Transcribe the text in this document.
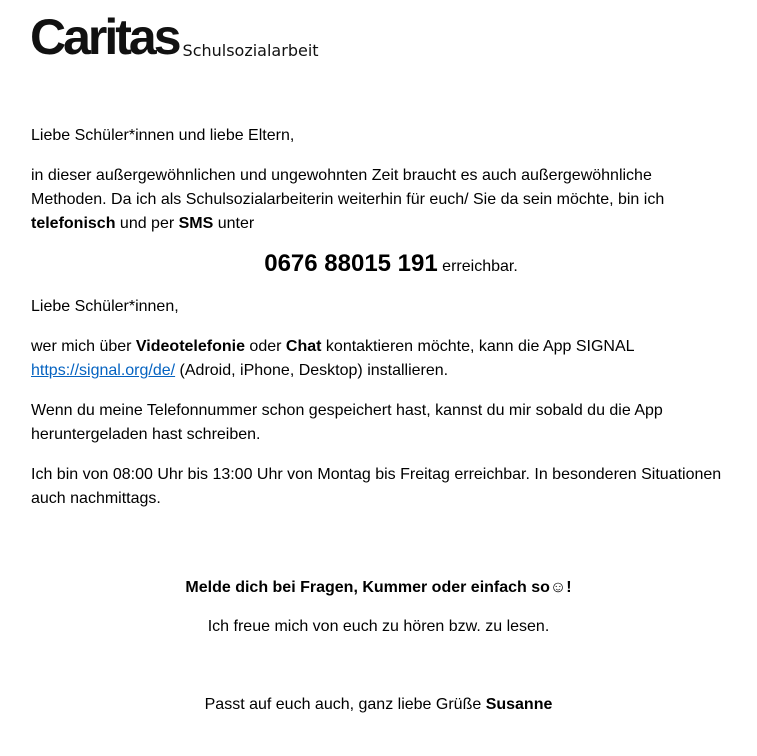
Caritas Schulsozialarbeit

Liebe Schüler*innen und liebe Eltern,

in dieser außergewöhnlichen und ungewohnten Zeit braucht es auch außergewöhnliche Methoden. Da ich als Schulsozialarbeiterin weiterhin für euch/ Sie da sein möchte, bin ich telefonisch und per SMS unter

0676 88015 191 erreichbar.

Liebe Schüler*innen,

wer mich über Videotelefonie oder Chat kontaktieren möchte, kann die App SIGNAL https://signal.org/de/ (Adroid, iPhone, Desktop) installieren.

Wenn du meine Telefonnummer schon gespeichert hast, kannst du mir sobald du die App heruntergeladen hast schreiben.

Ich bin von 08:00 Uhr bis 13:00 Uhr von Montag bis Freitag erreichbar. In besonderen Situationen auch nachmittags.

Melde dich bei Fragen, Kummer oder einfach so☺!
Ich freue mich von euch zu hören bzw. zu lesen.
Passt auf euch auch, ganz liebe Grüße Susanne
